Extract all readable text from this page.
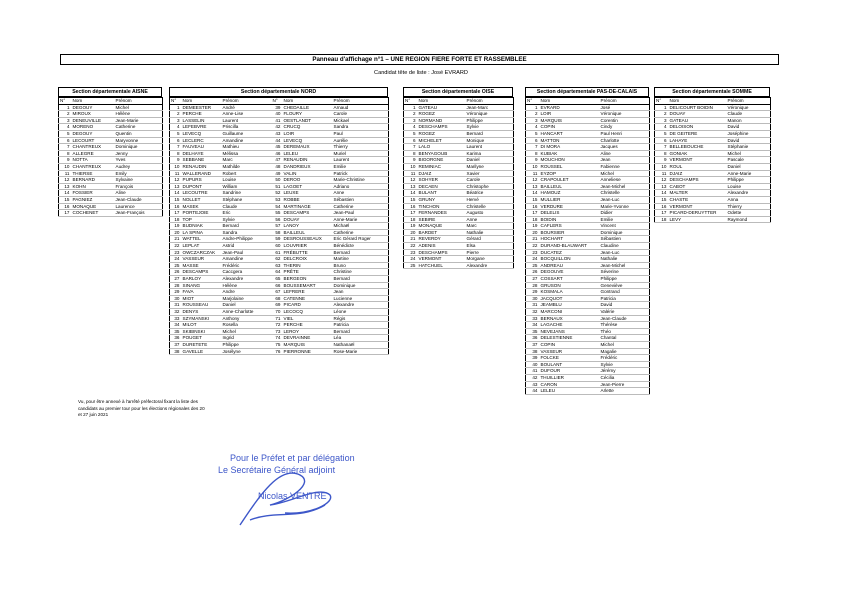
Panneau d'affichage n°1 – UNE REGION FIERE FORTE ET RASSEMBLEE
Candidat tête de liste : José EVRARD
Section départementale AISNE
N°	Nom	Prénom
1	DEGOUY	Michel
2	MIROUX	Hélène
3	DENEUVILLE	Jean-Marie
4	MORENO	Catherine
5	DEGOUY	Quentin
6	LECOURT	Maryvonne
7	CHANTREUX	Dominique
8	ALLEGRE	Jenny
9	NOTTA	Yves
10	CHANTREUX	Audrey
11	THIERSE	Emily
12	BERNARD	Sylvaine
13	KOHN	François
14	FOSSIER	Aline
15	PAGNIEZ	Jean-Claude
16	MONAQUE	Laurence
17	COCHENET	Jean-François
Section départementale NORD
N°	Nom	Prénom	N°	Nom	Prénom
1	DEMEESTER	André	39	CHEDAILLE	Arnaud
2	PERCHE	Anne-Lise	40	FLOURY	Carole
3	LASSELIN	Laurent	41	OESTLANDT	Mickael
4	LEFEBVRE	Priscilla	42	CRUCQ	Sandra
5	LEVECQ	Guillaume	43	LOIR	Paul
6	LECLERC	Amandine	44	LEVECQ	Aurélie
7	FAUVEAU	Mathieu	45	DEREMAUX	Thierry
8	DELHAYE	Mélissa	46	LELEU	Muriel
9	SEBBANE	Marc	47	RENAUDIN	Laurent
10	RENAUDIN	Mathilde	48	DANDRIEUX	Emilie
11	WALLERAND	Robert	49	VALIN	Patrick
12	PUPURS	Louise	50	DEROO	Marie-Christine
13	DUPONT	William	51	LAGOET	Adriano
14	LECOUTRE	Sandrine	52	LEUXE	Anne
15	NOLLET	Stéphane	53	ROBBE	Sébastien
16	MASEK	Claude	54	MARTINAGE	Catherine
17	PORTEJOIE	Eric	55	DESCAMPS	Jean-Paul
18	TOP	Sylvie	56	DOUAY	Anne-Marie
19	BUDNIAK	Bernard	57	LANOY	Michaël
20	LA SPINA	Sandra	58	BAILLEUL	Catherine
21	WATTEL	Andre-Philippe	59	DESROUSSEAUX	Eric Gérard Roger
22	LEPLAT	Astrid	60	LOUVRIER	Bénédicte
23	OWCZARCZAK	Jean-Paul	61	FRÉBUTTE	Bernard
24	VASSEUR	Amandine	62	DELCROIX	Martine
25	MASSE	Frédéric	63	THERIN	Bruno
26	DESCAMPS	Caccgera	64	PRÊTE	Christine
27	BARLOY	Alexandre	65	BERGEON	Bernard
28	SINANG	Hélène	66	BOUSSEMART	Dominique
29	FAVA	Andre	67	LEFRERE	Jean
30	MIOT	Marjolaine	68	CATENNE	Lucienne
31	ROUSSEAU	Daniel	69	PICARD	Alexandre
32	DENYS	Anne-Charlotte	70	LECOCQ	Léone
33	SZYMANSKI	Anthony	71	VIEL	Régis
34	MILOT	Rosella	72	PERCHE	Patricia
35	SKIBINSKI	Michel	73	LEROY	Bernard
36	POUGET	Ingrid	74	DEVRAINNE	Léa
37	DURETETE	Philippe	75	MARQUIS	Nathanaël
38	GAVELLE	Josélyne	76	PIERRONNE	Rose-Marie
Section départementale OISE
N°	Nom	Prénom
1	GATEAU	Jean-Marc
2	ROGEZ	Véronique
3	NORMAND	Philippe
4	DESCHAMPS	Sylvie
5	ROGEZ	Bernard
6	MICHELET	Monique
7	LALO	Laurent
8	BENYAGOUB	Karima
9	BIGORGNE	Daniel
10	REMINIAC	Marilyne
11	DJAIZ	Xavier
12	SOHYER	Carole
13	DECAEN	Christophe
14	BULANT	Béatrice
15	GRUNY	Hervé
16	TINCHON	Christelle
17	FERNANDES	Augusto
18	SEBIRE	Anne
19	MONAQUE	Marc
20	BARDET	Nathalie
21	REVERDY	Gérard
22	ADENIS	Elsa
23	DESCHAMPS	Pierre
24	VERMONT	Morgane
25	HATCHUEL	Alexandre
Section départementale PAS-DE-CALAIS
N°	Nom	Prénom
1	EVRARD	José
2	LOIR	Véronique
3	MARQUIS	Corentin
4	COPIN	Cindy
5	HANCART	Paul Henri
6	MATTON	Charlotte
7	DI MORA	Jacques
8	KUBIAK	Aline
9	MOUCHON	Jean
10	ROUSSEL	Fabienne
11	EYZOP	Michel
12	CRAPOULET	Anneliese
13	BAILLEUL	Jean-Michel
14	HAMOUZ	Christelle
15	MULLIER	Jean-Luc
16	VERDURE	Marie-Yvonne
17	DELELIS	Didier
18	BOIDIN	Emilie
19	CAFLERS	Vincent
20	BOURSIER	Dominique
21	HOCHART	Sébastien
22	DURAND-BLAUWART	Claudine
23	DUCATEZ	Jean-Luc
24	BOCQUILLON	Nathalie
25	ANDREAU	Jean-Michel
26	DEGOUVE	Séverine
27	COSSART	Philippe
28	GRUSON	Geneviève
29	KOSMALA	Gontrand
30	JACQUOT	Patricia
31	JEAMBLU	David
32	MARCONI	Valérie
33	BERNAUX	Jean-Claude
34	LAGACHE	Thérèse
35	NEVEJANS	Théo
36	DELESTIENNE	Chantal
37	COPIN	Michel
38	VASSEUR	Magalie
39	FOLCKE	Frédéric
40	BOULANT	Sylvie
41	DUFOUR	Jérémy
42	THUILLIER	Cécilia
43	CARON	Jean-Pierre
44	LELEU	Arlette
Section départementale SOMME
N°	Nom	Prénom
1	DELICOURT BOIDIN	Véronique
2	DOUAY	Claude
3	GATEAU	Manon
4	DELOISON	David
5	DE GEITERE	Joséphine
6	LAHAYE	David
7	BELLEBOUCHE	Stéphanie
8	GONIAK	Michel
9	VERMONT	Pascale
10	ROUL	Daniel
11	DJAIZ	Anne-Marie
12	DESCHAMPS	Philippe
13	CABOT	Louise
14	MALTER	Alexandre
15	CHASTE	Anna
16	VERMONT	Thierry
17	PICARD-DERUYTTER	Odette
18	LEVY	Raymond
Vu, pour être annexé à l'arrêté préfectoral fixant la liste des candidats au premier tour pour les élections régionales des 20 et 27 juin 2021
Pour le Préfet et par délégation
Le Secrétaire Général adjoint
Nicolas VENTRE
